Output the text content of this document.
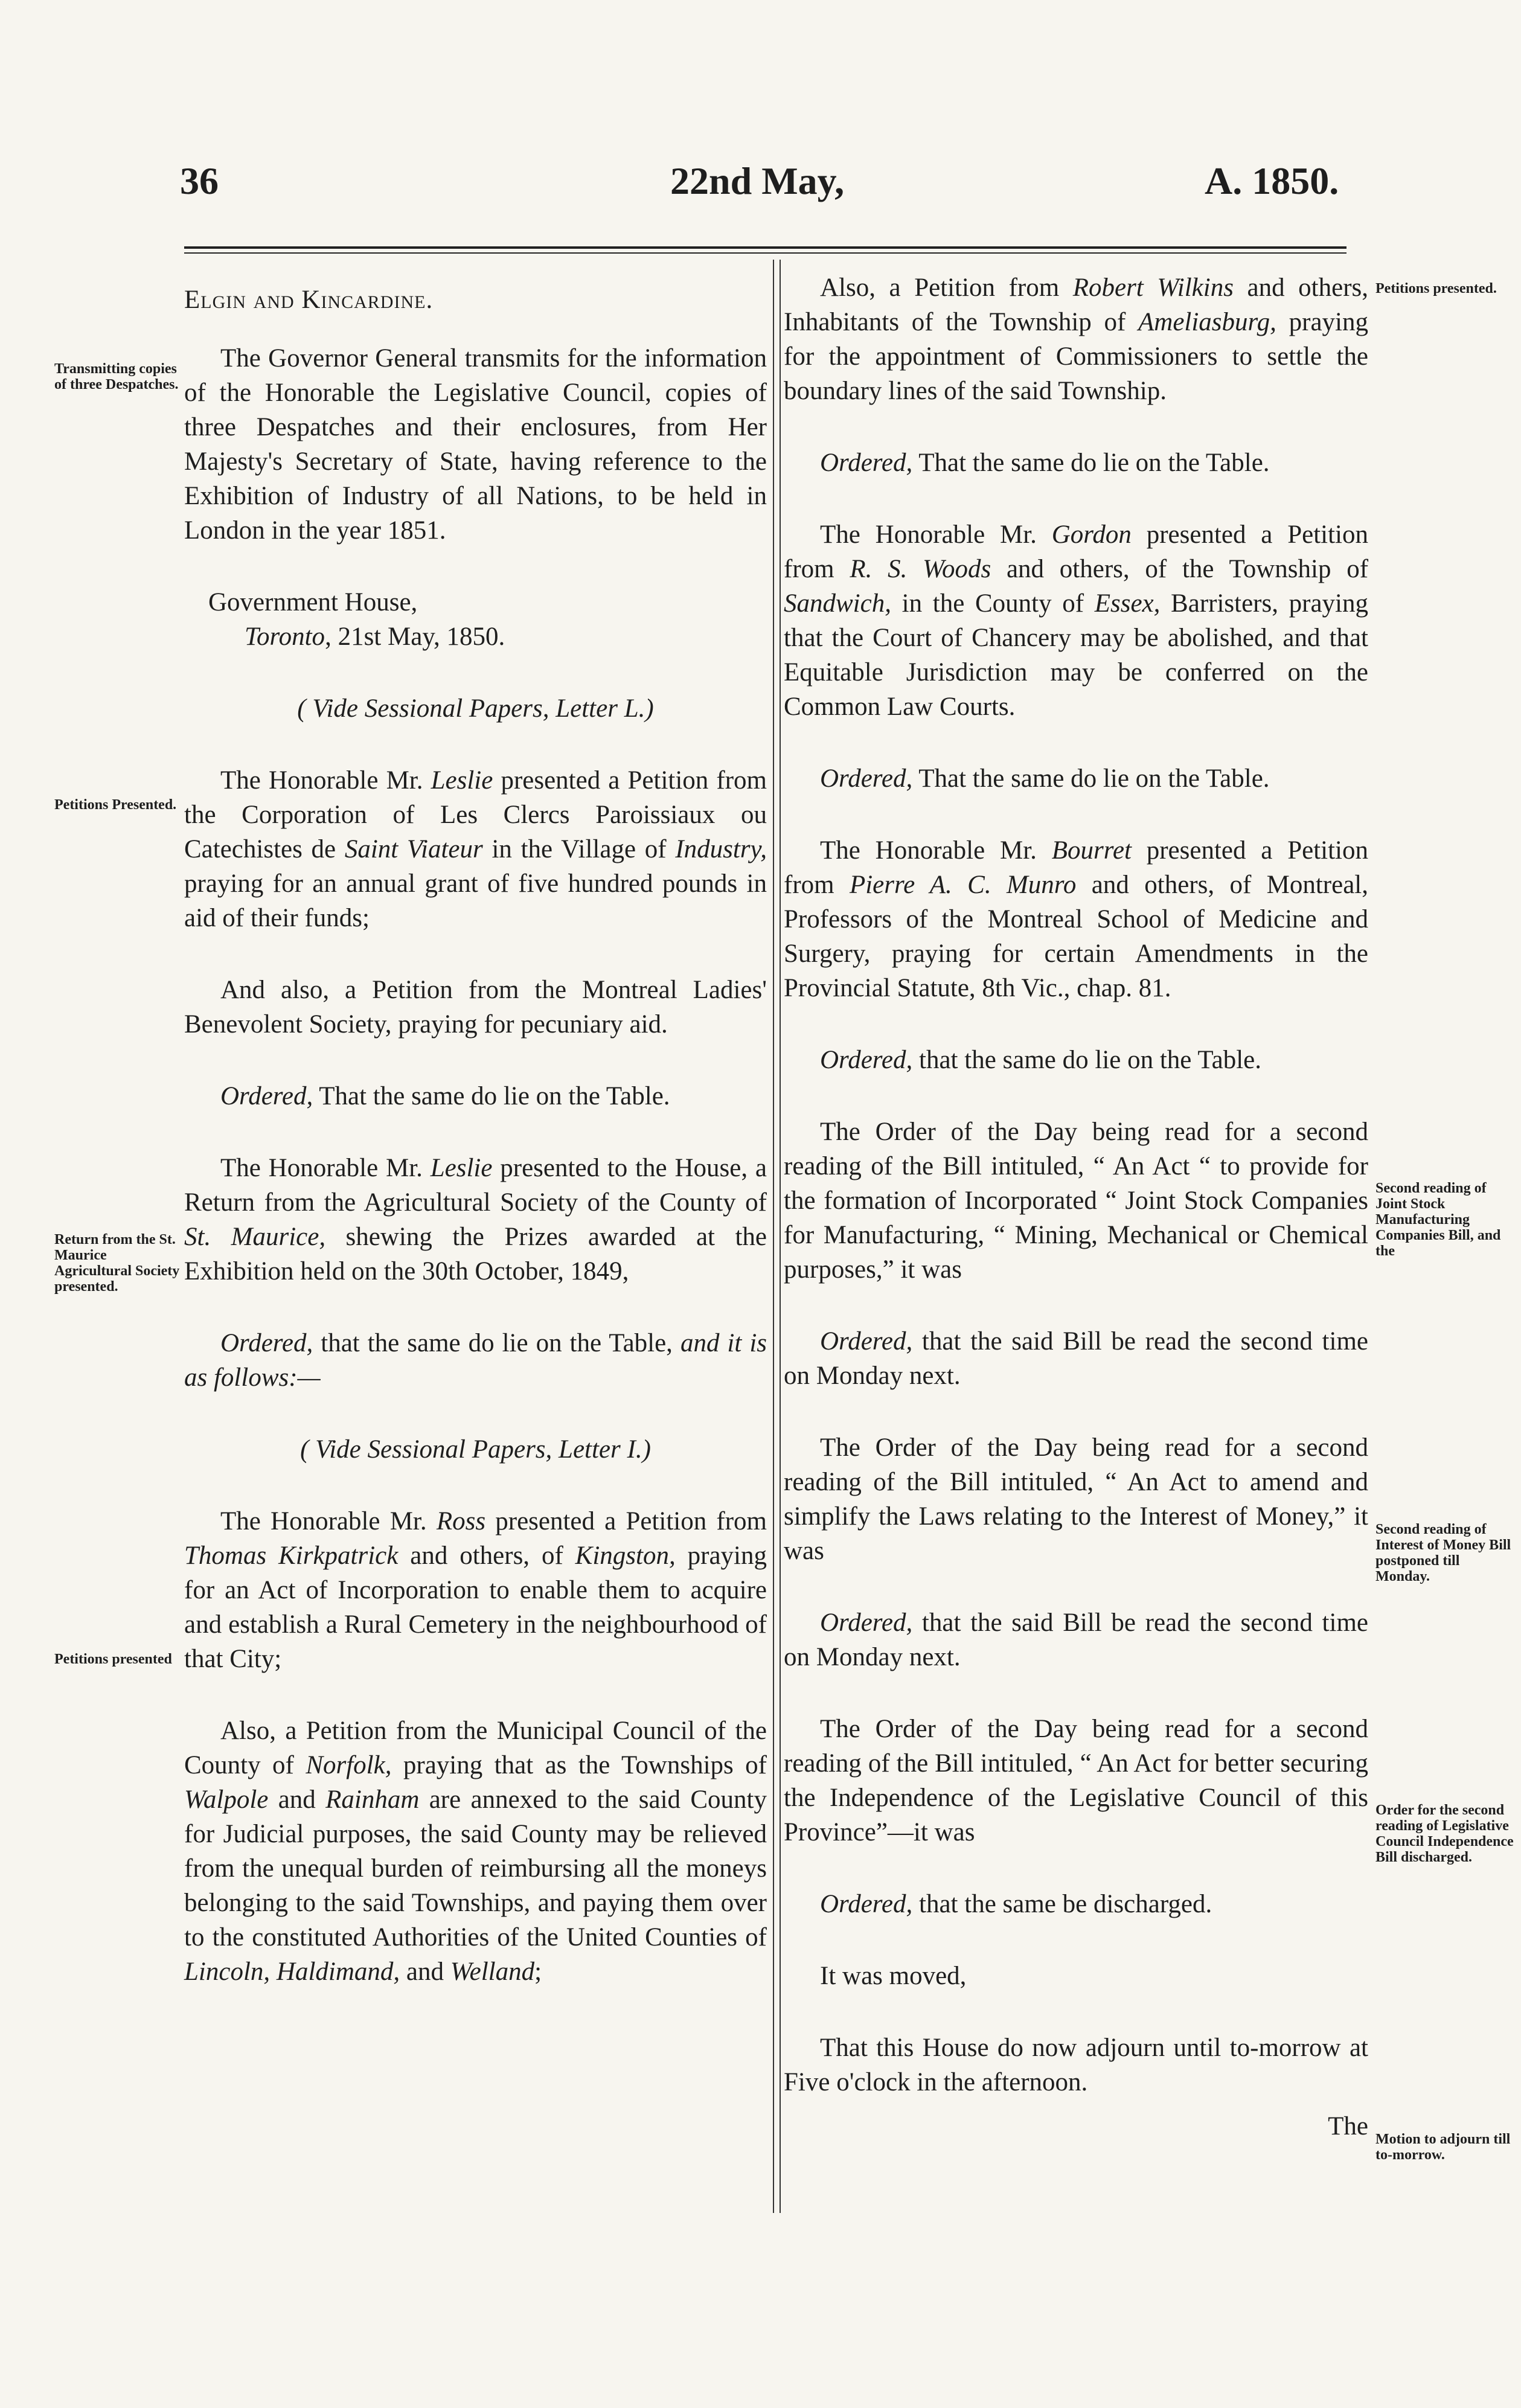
36	22nd May,	A. 1850.
Transmitting copies of three Despatches.
Petitions Presented.
Return from the St. Maurice Agricultural Society presented.
Petitions presented
Petitions presented.
Second reading of Joint Stock Manufacturing Companies Bill, and the
Second reading of Interest of Money Bill postponed till Monday.
Order for the second reading of Legislative Council Independence Bill discharged.
Motion to adjourn till to-morrow.

Elgin and Kincardine.

The Governor General transmits for the information of the Honorable the Legislative Council, copies of three Despatches and their enclosures, from Her Majesty's Secretary of State, having reference to the Exhibition of Industry of all Nations, to be held in London in the year 1851.

Government House,

Toronto, 21st May, 1850.

( Vide Sessional Papers, Letter L.)

The Honorable Mr. Leslie presented a Petition from the Corporation of Les Clercs Paroissiaux ou Catechistes de Saint Viateur in the Village of Industry, praying for an annual grant of five hundred pounds in aid of their funds;

And also, a Petition from the Montreal Ladies' Benevolent Society, praying for pecuniary aid.

Ordered, That the same do lie on the Table.

The Honorable Mr. Leslie presented to the House, a Return from the Agricultural Society of the County of St. Maurice, shewing the Prizes awarded at the Exhibition held on the 30th October, 1849,

Ordered, that the same do lie on the Table, and it is as follows:—

( Vide Sessional Papers, Letter I.)

The Honorable Mr. Ross presented a Petition from Thomas Kirkpatrick and others, of Kingston, praying for an Act of Incorporation to enable them to acquire and establish a Rural Cemetery in the neighbourhood of that City;

Also, a Petition from the Municipal Council of the County of Norfolk, praying that as the Townships of Walpole and Rainham are annexed to the said County for Judicial purposes, the said County may be relieved from the unequal burden of reimbursing all the moneys belonging to the said Townships, and paying them over to the constituted Authorities of the United Counties of Lincoln, Haldimand, and Welland;

Also, a Petition from Robert Wilkins and others, Inhabitants of the Township of Ameliasburg, praying for the appointment of Commissioners to settle the boundary lines of the said Township.

Ordered, That the same do lie on the Table.

The Honorable Mr. Gordon presented a Petition from R. S. Woods and others, of the Township of Sandwich, in the County of Essex, Barristers, praying that the Court of Chancery may be abolished, and that Equitable Jurisdiction may be conferred on the Common Law Courts.

Ordered, That the same do lie on the Table.

The Honorable Mr. Bourret presented a Petition from Pierre A. C. Munro and others, of Montreal, Professors of the Montreal School of Medicine and Surgery, praying for certain Amendments in the Provincial Statute, 8th Vic., chap. 81.

Ordered, that the same do lie on the Table.

The Order of the Day being read for a second reading of the Bill intituled, “ An Act “ to provide for the formation of Incorporated “ Joint Stock Companies for Manufacturing, “ Mining, Mechanical or Chemical purposes,” it was

Ordered, that the said Bill be read the second time on Monday next.

The Order of the Day being read for a second reading of the Bill intituled, “ An Act to amend and simplify the Laws relating to the Interest of Money,” it was

Ordered, that the said Bill be read the second time on Monday next.

The Order of the Day being read for a second reading of the Bill intituled, “ An Act for better securing the Independence of the Legislative Council of this Province”—it was

Ordered, that the same be discharged.

It was moved,

That this House do now adjourn until to-morrow at Five o'clock in the afternoon.

The
